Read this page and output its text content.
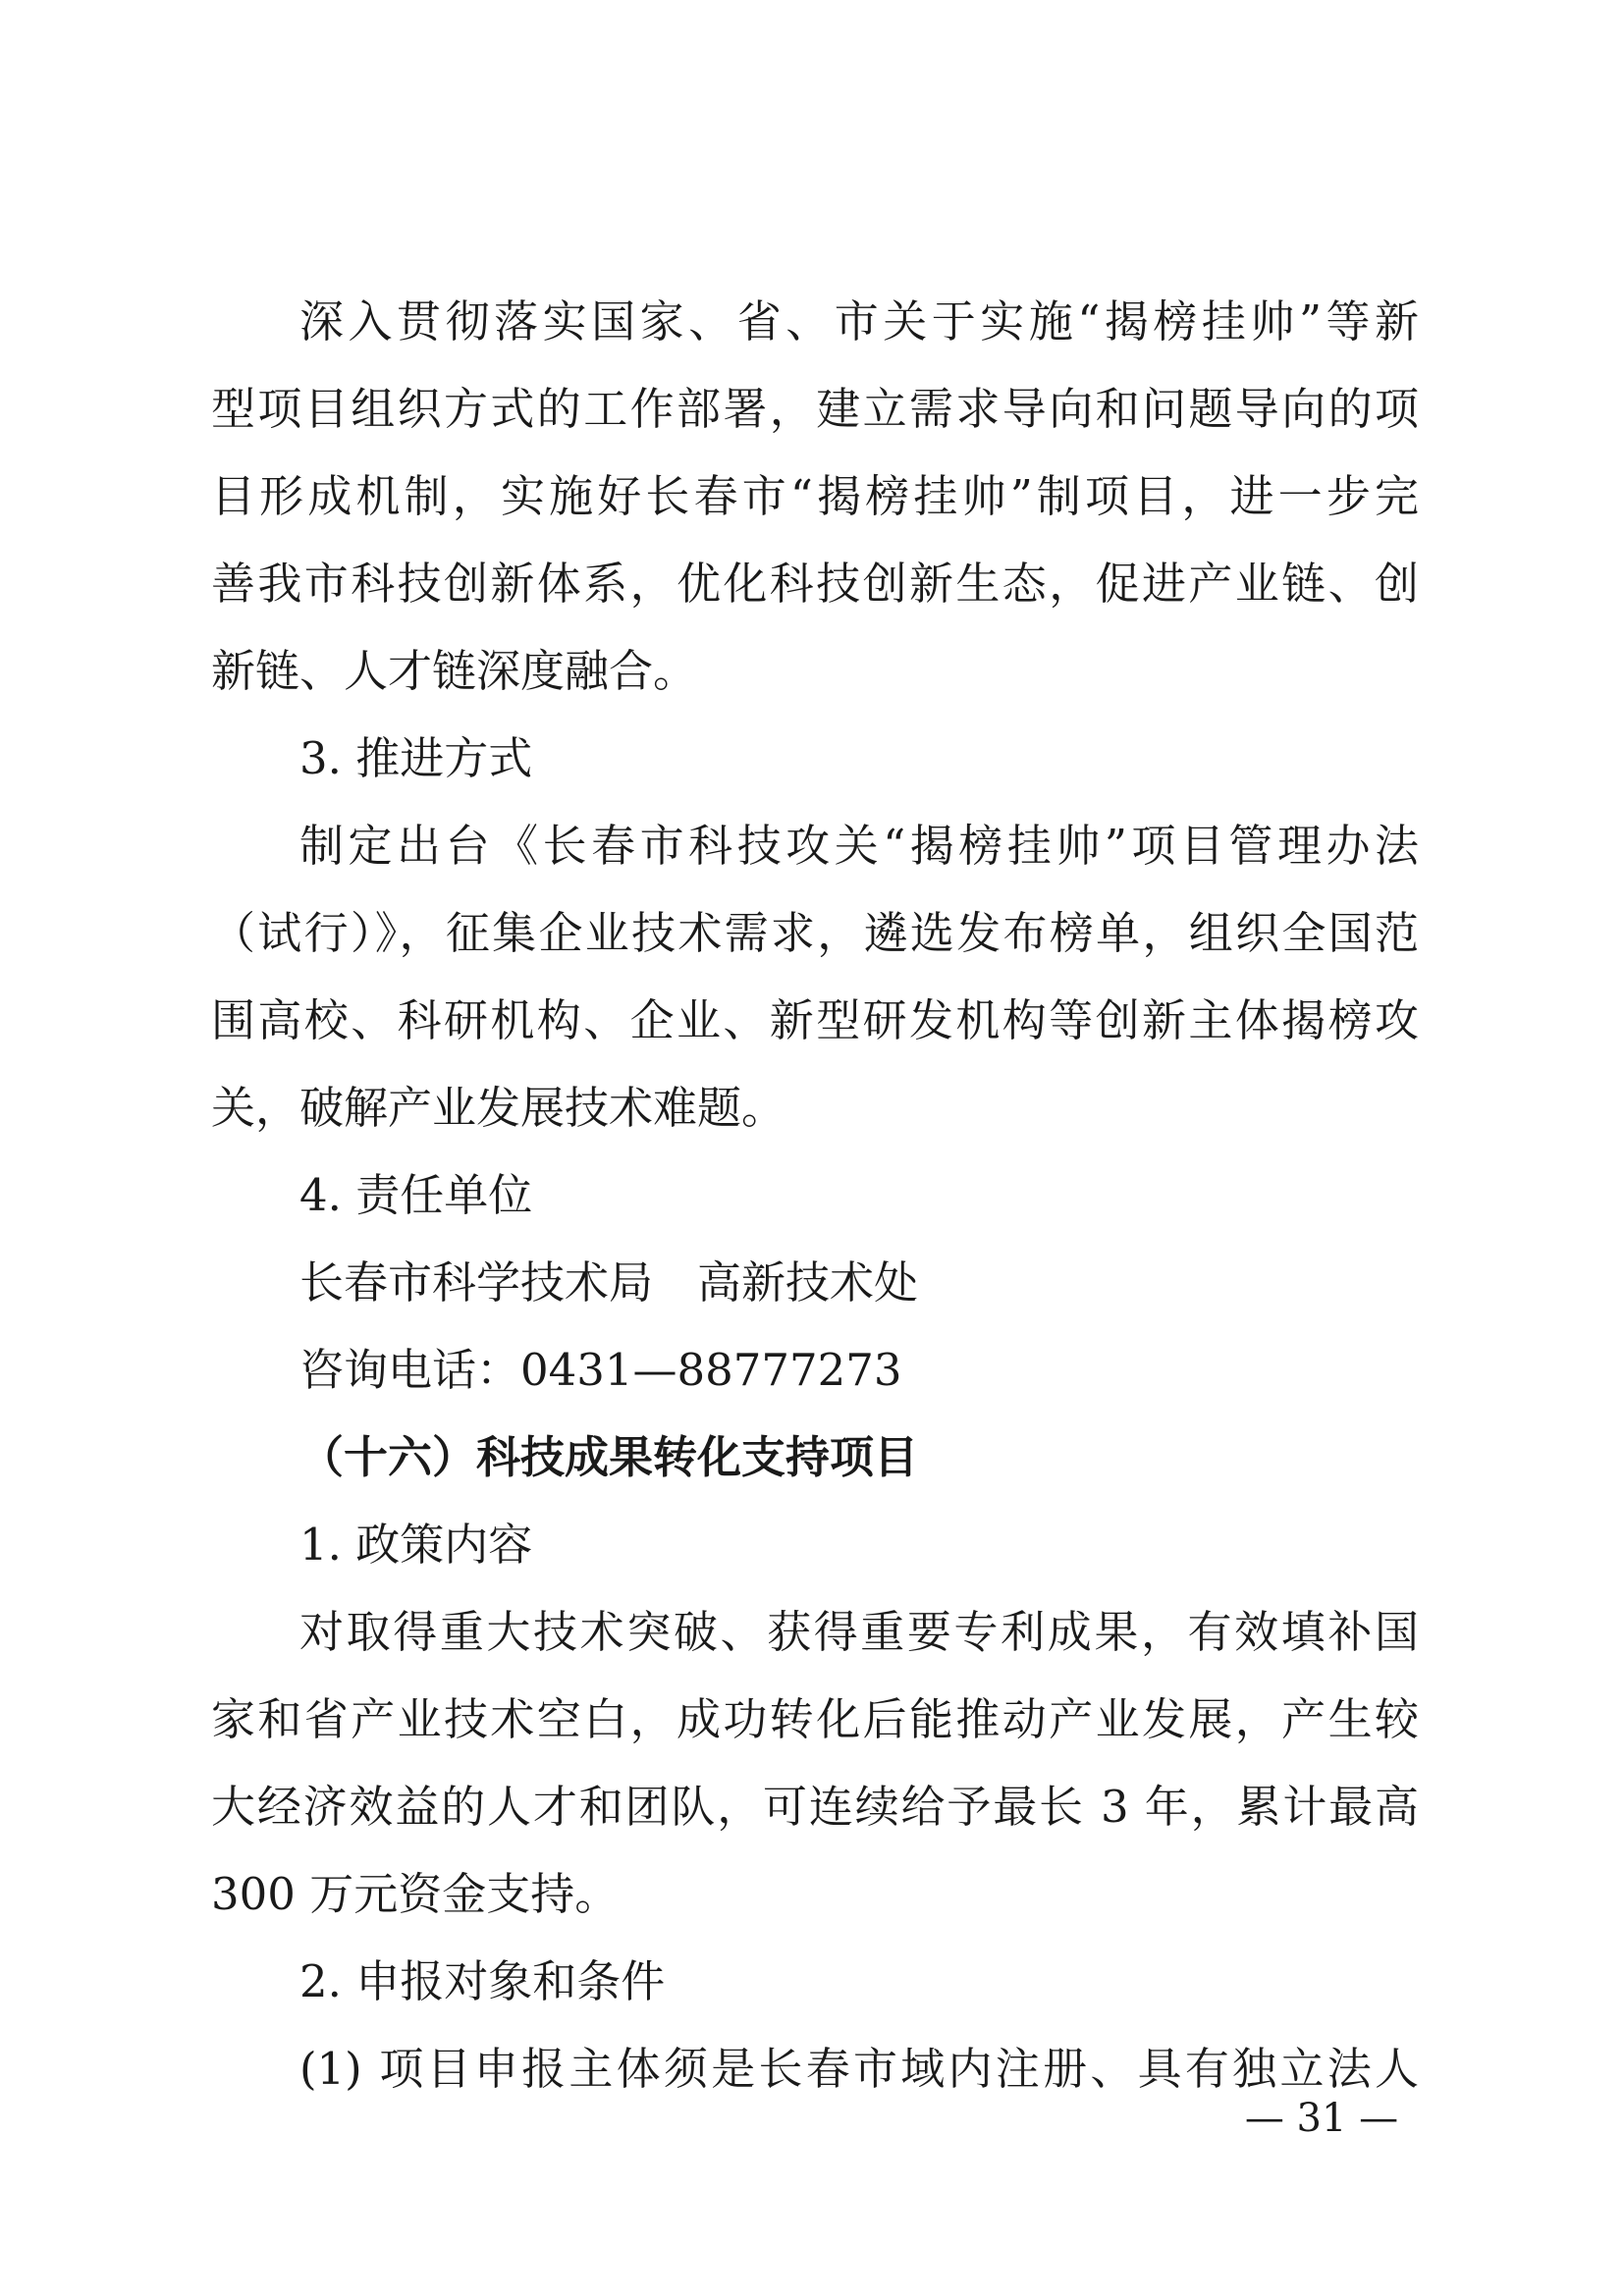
深入贯彻落实国家、省、市关于实施“揭榜挂帅”等新
型项目组织方式的工作部署，建立需求导向和问题导向的项
目形成机制，实施好长春市“揭榜挂帅”制项目，进一步完
善我市科技创新体系，优化科技创新生态，促进产业链、创
新链、人才链深度融合。
3. 推进方式
制定出台《长春市科技攻关“揭榜挂帅”项目管理办法
（试行）》，征集企业技术需求，遴选发布榜单，组织全国范
围高校、科研机构、企业、新型研发机构等创新主体揭榜攻
关，破解产业发展技术难题。
4. 责任单位
长春市科学技术局　高新技术处
咨询电话：0431—88777273
（十六）科技成果转化支持项目
1. 政策内容
对取得重大技术突破、获得重要专利成果，有效填补国
家和省产业技术空白，成功转化后能推动产业发展，产生较
大经济效益的人才和团队，可连续给予最长 3 年，累计最高
300 万元资金支持。
2. 申报对象和条件
(1) 项目申报主体须是长春市域内注册、具有独立法人
— 31 —
